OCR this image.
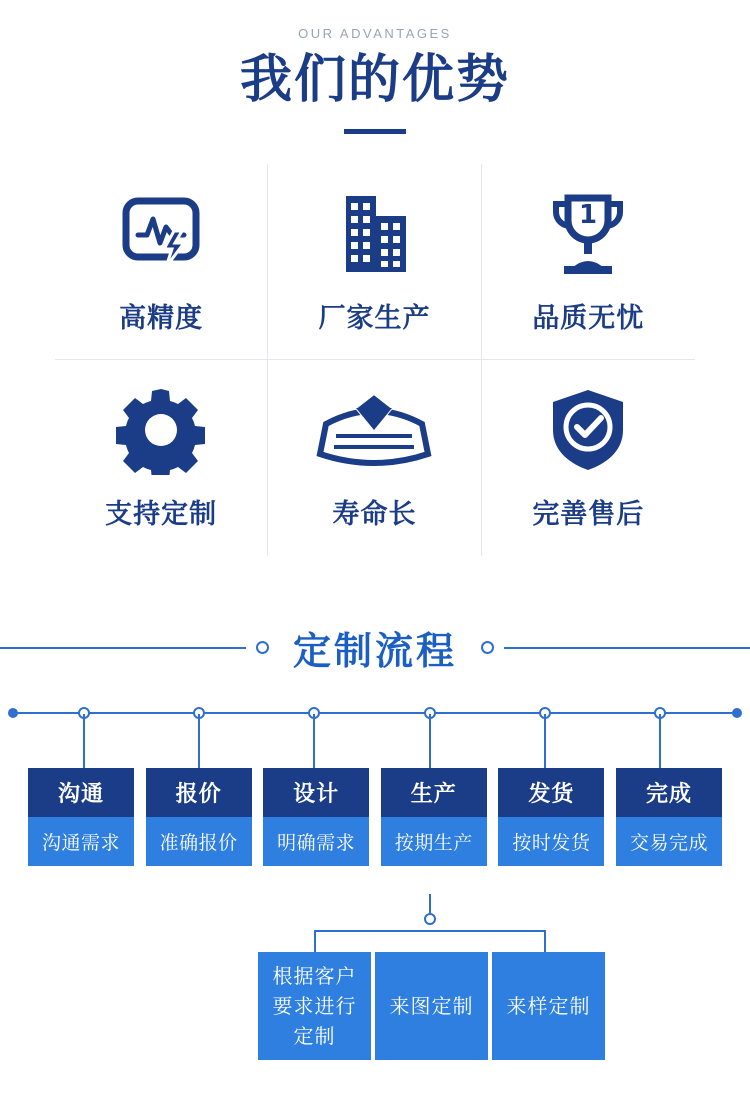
OUR ADVANTAGES
我们的优势
高精度	厂家生产
1
品质无忧
支持定制	寿命长	完善售后
定制流程
沟通
沟通需求
报价
准确报价
设计
明确需求
生产
按期生产
发货
按时发货
完成
交易完成
根据客户要求进行定制
来图定制	来样定制
